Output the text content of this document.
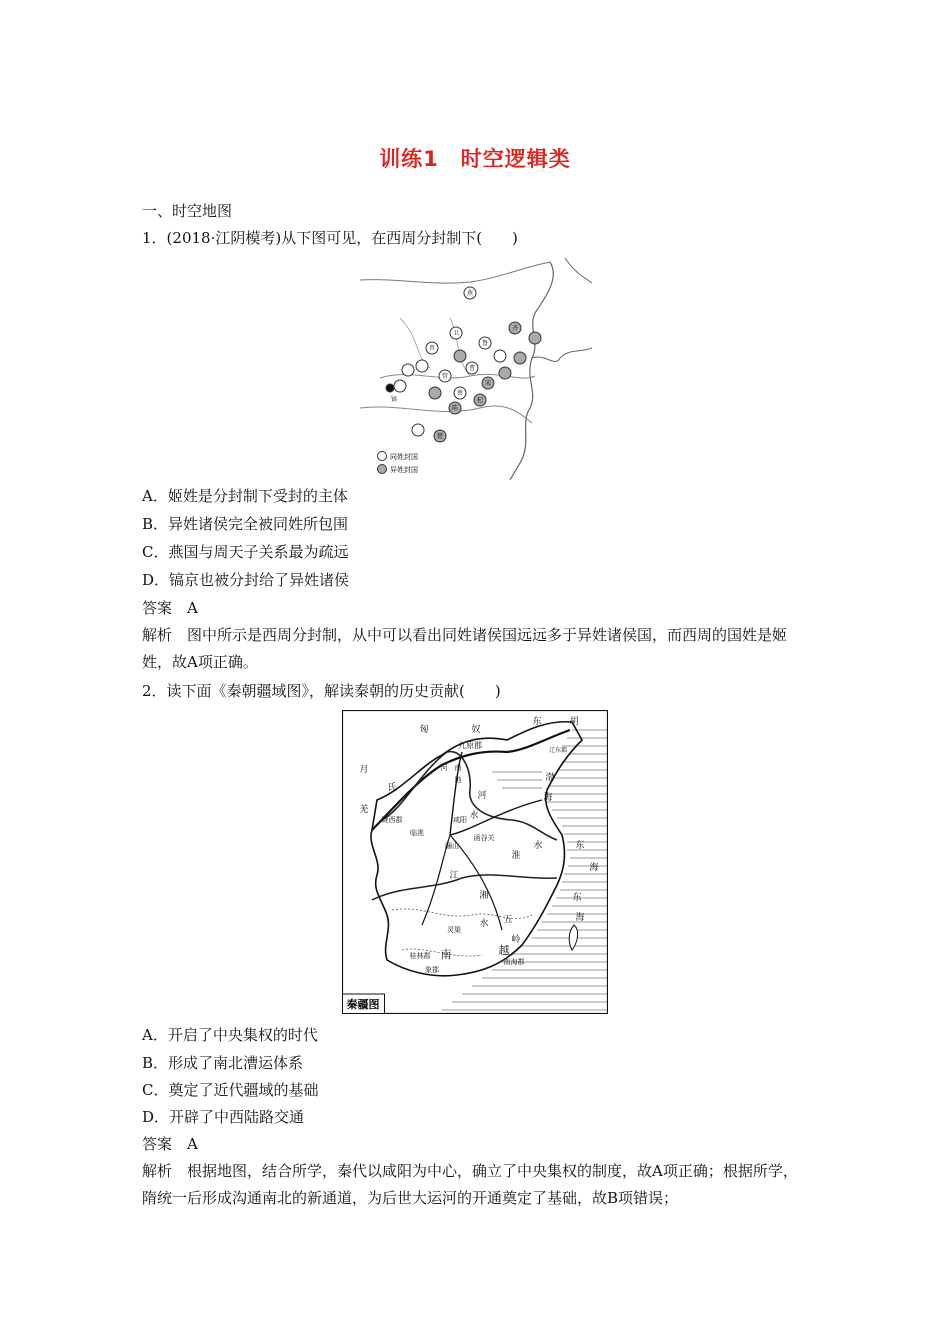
训练1　时空逻辑类
一、时空地图
1．(2018·江阴模考)从下图可见，在西周分封制下(　　)
燕
卫
晋
鲁
曹
蔡
管
齐
宋
陈
楚
杞
镐
同姓封国
异姓封国
A．姬姓是分封制下受封的主体
B．异姓诸侯完全被同姓所包围
C．燕国与周天子关系最为疏远
D．镐京也被分封给了异姓诸侯
答案　A
解析　图中所示是西周分封制，从中可以看出同姓诸侯国远远多于异姓诸侯国，而西周的国姓是姬姓，故A项正确。
2．读下面《秦朝疆域图》，解读秦朝的历史贡献(　　)
秦疆图
匈	奴
东	胡
月
氏
羌
九原郡
河 南
地
咸阳
函谷关
骊山
陇西郡
临洮
河
水
淮
水
江
湘
水
灵渠
南	越
五
岭
渤
海
东
海
东
海
南海郡
桂林郡
象郡
辽东郡
A．开启了中央集权的时代
B．形成了南北漕运体系
C．奠定了近代疆域的基础
D．开辟了中西陆路交通
答案　A
解析　根据地图，结合所学，秦代以咸阳为中心，确立了中央集权的制度，故A项正确；根据所学，隋统一后形成沟通南北的新通道，为后世大运河的开通奠定了基础，故B项错误；
